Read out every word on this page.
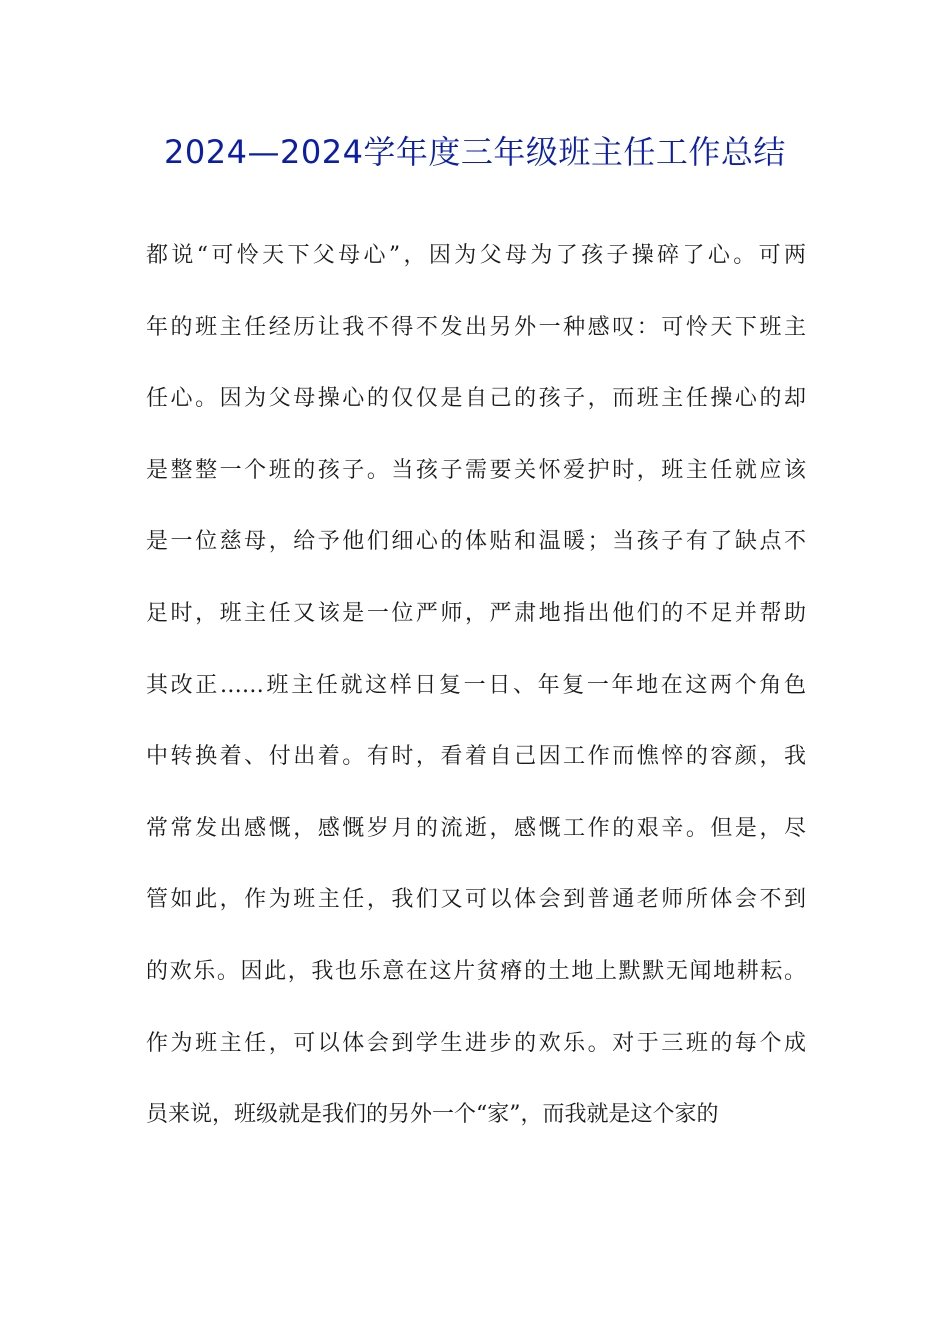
2024—2024学年度三年级班主任工作总结
都说“可怜天下父母心”，因为父母为了孩子操碎了心。可两
年的班主任经历让我不得不发出另外一种感叹：可怜天下班主
任心。因为父母操心的仅仅是自己的孩子，而班主任操心的却
是整整一个班的孩子。当孩子需要关怀爱护时，班主任就应该
是一位慈母，给予他们细心的体贴和温暖；当孩子有了缺点不
足时，班主任又该是一位严师，严肃地指出他们的不足并帮助
其改正……班主任就这样日复一日、年复一年地在这两个角色
中转换着、付出着。有时，看着自己因工作而憔悴的容颜，我
常常发出感慨，感慨岁月的流逝，感慨工作的艰辛。但是，尽
管如此，作为班主任，我们又可以体会到普通老师所体会不到
的欢乐。因此，我也乐意在这片贫瘠的土地上默默无闻地耕耘。
作为班主任，可以体会到学生进步的欢乐。对于三班的每个成
员来说，班级就是我们的另外一个“家”，而我就是这个家的
